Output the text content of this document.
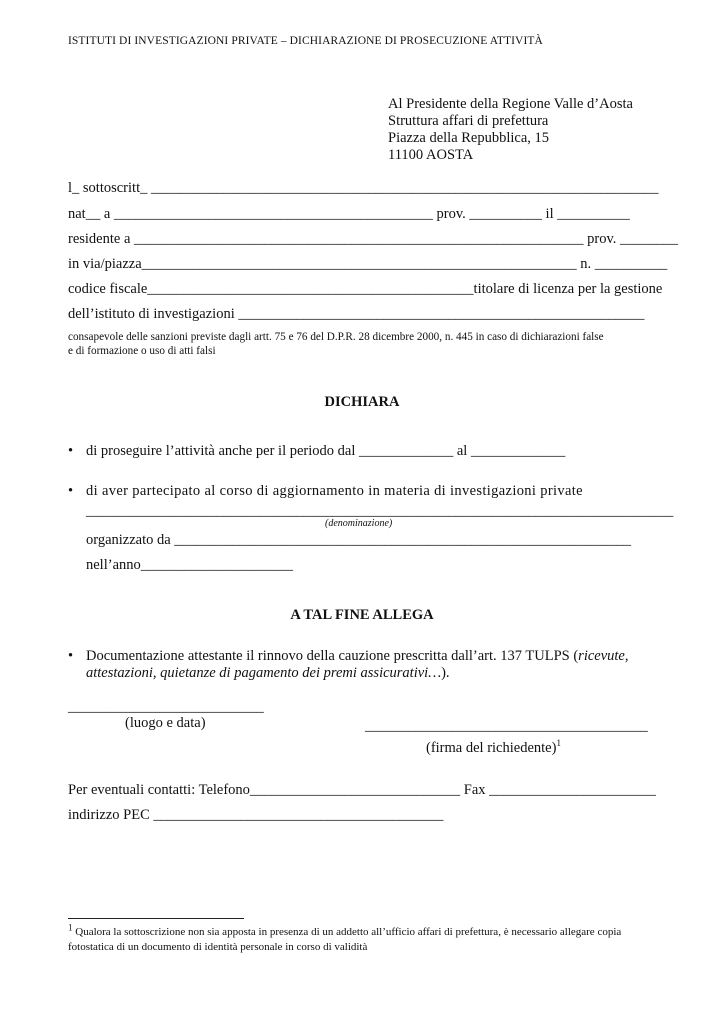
ISTITUTI DI INVESTIGAZIONI PRIVATE – DICHIARAZIONE DI PROSECUZIONE ATTIVITÀ
Al Presidente della Regione Valle d’Aosta
Struttura affari di prefettura
Piazza della Repubblica, 15
11100 AOSTA
l_ sottoscritt_ ______________________________________________________________________
nat__ a ____________________________________________ prov. __________ il __________
residente a ______________________________________________________________ prov. ________
in via/piazza____________________________________________________________ n. __________
codice fiscale_____________________________________________titolare di licenza per la gestione
dell’istituto di investigazioni ________________________________________________________
consapevole delle sanzioni previste dagli artt. 75 e 76 del D.P.R. 28 dicembre 2000, n. 445 in caso di dichiarazioni false
e di formazione o uso di atti falsi
DICHIARA
• di proseguire l’attività anche per il periodo dal _____________ al _____________
• di aver partecipato al corso di aggiornamento in materia di investigazioni private
_________________________________________________________________________________
(denominazione)
organizzato da _______________________________________________________________
nell’anno_____________________
A TAL FINE ALLEGA
• Documentazione attestante il rinnovo della cauzione prescritta dall’art. 137 TULPS (ricevute,
attestazioni, quietanze di pagamento dei premi assicurativi…).
___________________________
(luogo e data)	_______________________________________
(firma del richiedente)$^1$
Per eventuali contatti: Telefono_____________________________ Fax _______________________
indirizzo PEC ________________________________________
$^1$ Qualora la sottoscrizione non sia apposta in presenza di un addetto all’ufficio affari di prefettura, è necessario allegare copia
fotostatica di un documento di identità personale in corso di validità
